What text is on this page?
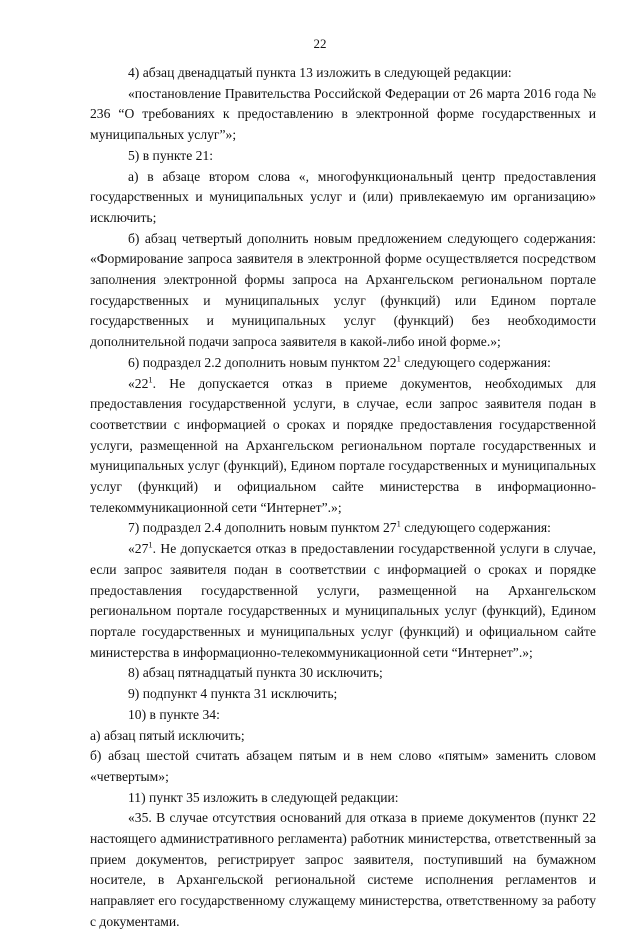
22

4) абзац двенадцатый пункта 13 изложить в следующей редакции:

«постановление Правительства Российской Федерации от 26 марта 2016 года № 236 “О требованиях к предоставлению в электронной форме государственных и муниципальных услуг”»;

5) в пункте 21:

а) в абзаце втором слова «, многофункциональный центр предоставления государственных и муниципальных услуг и (или) привлекаемую им организацию» исключить;

б) абзац четвертый дополнить новым предложением следующего содержания: «Формирование запроса заявителя в электронной форме осуществляется посредством заполнения электронной формы запроса на Архангельском региональном портале государственных и муниципальных услуг (функций) или Едином портале государственных и муниципальных услуг (функций) без необходимости дополнительной подачи запроса заявителя в какой-либо иной форме.»;

6) подраздел 2.2 дополнить новым пунктом $22^1$ следующего содержания:

«$22^1$. Не допускается отказ в приеме документов, необходимых для предоставления государственной услуги, в случае, если запрос заявителя подан в соответствии с информацией о сроках и порядке предоставления государственной услуги, размещенной на Архангельском региональном портале государственных и муниципальных услуг (функций), Едином портале государственных и муниципальных услуг (функций) и официальном сайте министерства в информационно-телекоммуникационной сети “Интернет”.»;

7) подраздел 2.4 дополнить новым пунктом $27^1$ следующего содержания:

«$27^1$. Не допускается отказ в предоставлении государственной услуги в случае, если запрос заявителя подан в соответствии с информацией о сроках и порядке предоставления государственной услуги, размещенной на Архангельском региональном портале государственных и муниципальных услуг (функций), Едином портале государственных и муниципальных услуг (функций) и официальном сайте министерства в информационно-телекоммуникационной сети “Интернет”.»;

8) абзац пятнадцатый пункта 30 исключить;

9) подпункт 4 пункта 31 исключить;

10) в пункте 34:

а) абзац пятый исключить;

б) абзац шестой считать абзацем пятым и в нем слово «пятым» заменить словом «четвертым»;

11) пункт 35 изложить в следующей редакции:

«35. В случае отсутствия оснований для отказа в приеме документов (пункт 22 настоящего административного регламента) работник министерства, ответственный за прием документов, регистрирует запрос заявителя, поступивший на бумажном носителе, в Архангельской региональной системе исполнения регламентов и направляет его государственному служащему министерства, ответственному за работу с документами.
